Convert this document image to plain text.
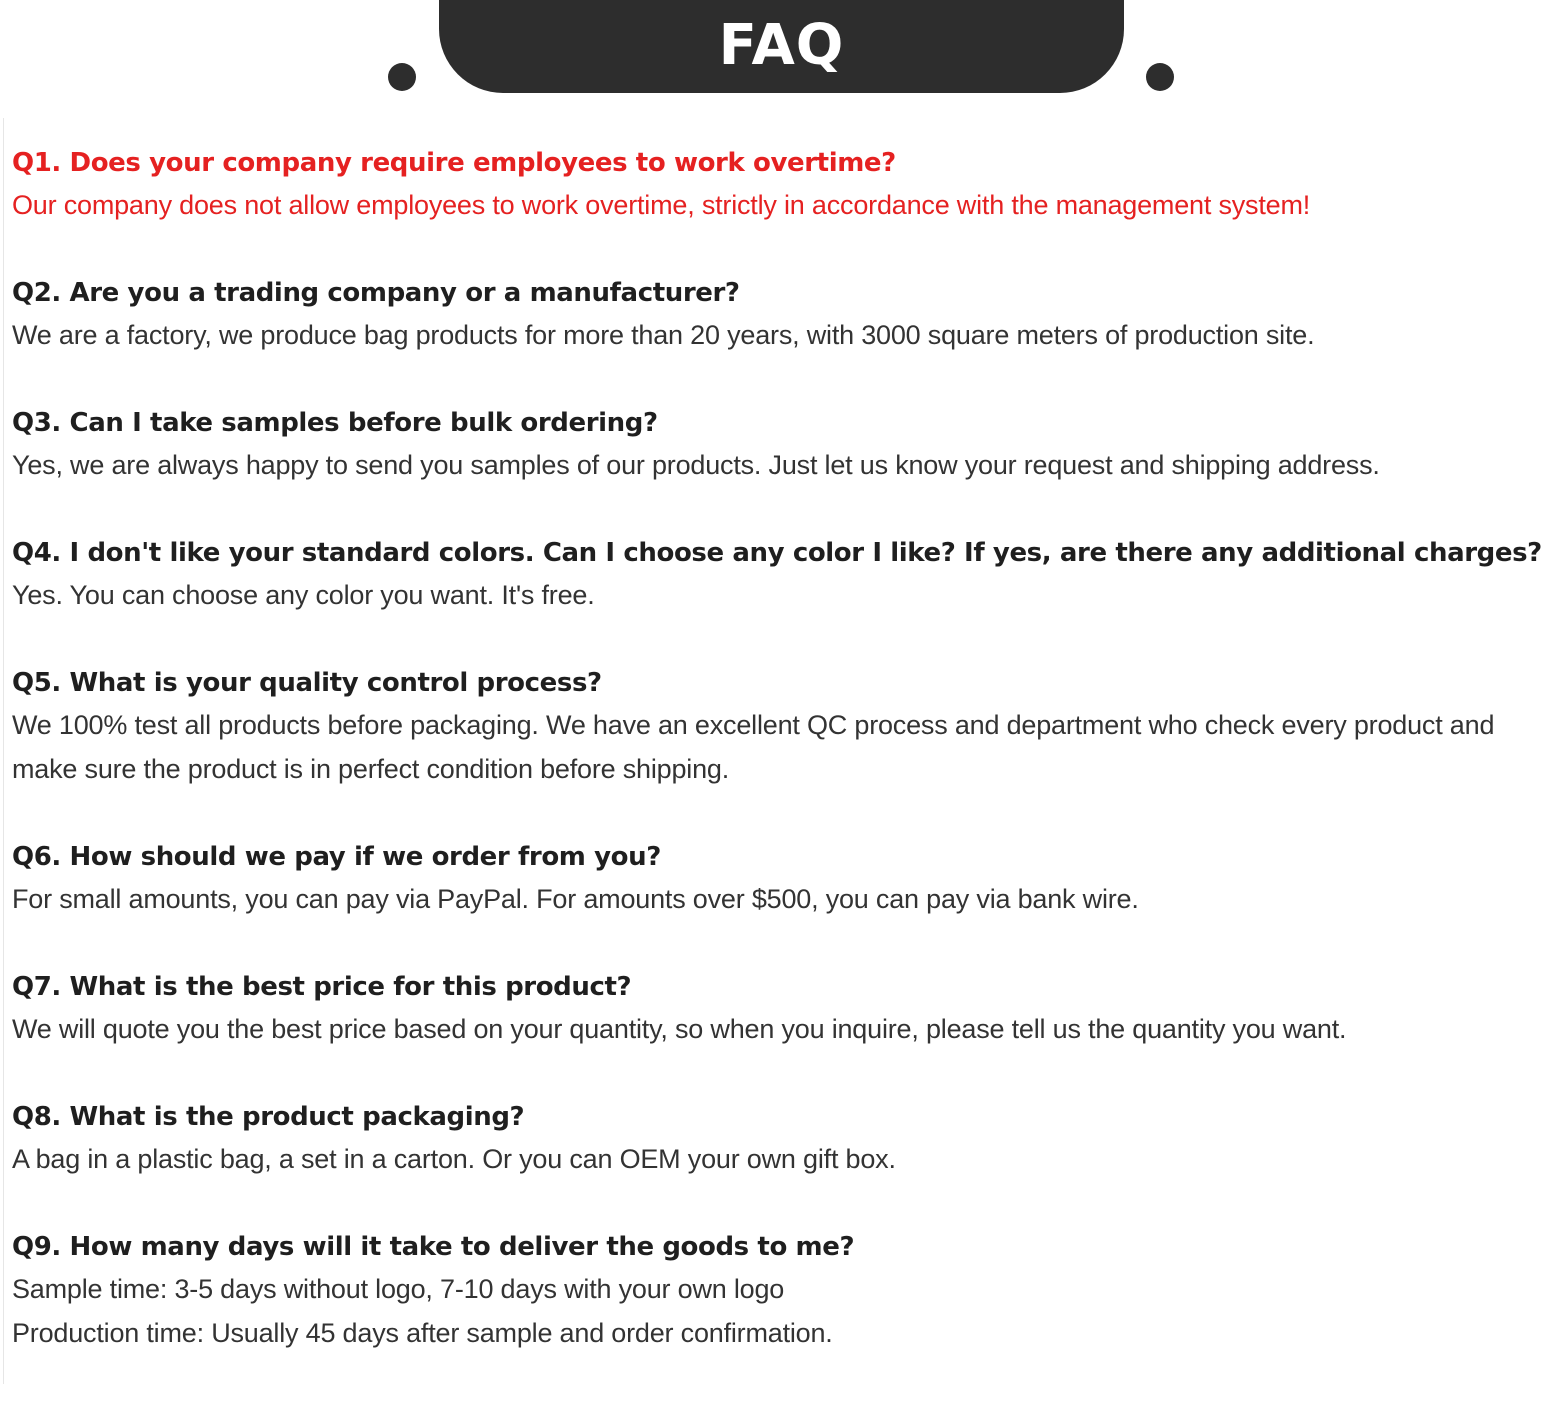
FAQ
Q1. Does your company require employees to work overtime?
Our company does not allow employees to work overtime, strictly in accordance with the management system!
Q2. Are you a trading company or a manufacturer?
We are a factory, we produce bag products for more than 20 years, with 3000 square meters of production site.
Q3. Can I take samples before bulk ordering?
Yes, we are always happy to send you samples of our products. Just let us know your request and shipping address.
Q4. I don't like your standard colors. Can I choose any color I like? If yes, are there any additional charges?
Yes. You can choose any color you want. It's free.
Q5. What is your quality control process?
We 100% test all products before packaging. We have an excellent QC process and department who check every product and make sure the product is in perfect condition before shipping.
Q6. How should we pay if we order from you?
For small amounts, you can pay via PayPal. For amounts over $500, you can pay via bank wire.
Q7. What is the best price for this product?
We will quote you the best price based on your quantity, so when you inquire, please tell us the quantity you want.
Q8. What is the product packaging?
A bag in a plastic bag, a set in a carton. Or you can OEM your own gift box.
Q9. How many days will it take to deliver the goods to me?
Sample time: 3-5 days without logo, 7-10 days with your own logo
Production time: Usually 45 days after sample and order confirmation.
